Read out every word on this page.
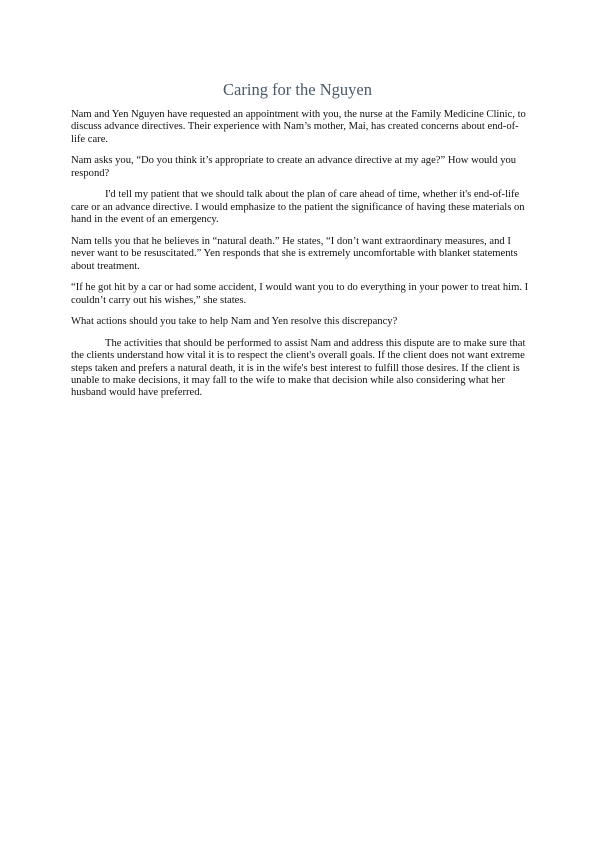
Caring for the Nguyen

Nam and Yen Nguyen have requested an appointment with you, the nurse at the Family Medicine Clinic, to discuss advance directives. Their experience with Nam’s mother, Mai, has created concerns about end-of-life care.

Nam asks you, “Do you think it’s appropriate to create an advance directive at my age?” How would you respond?

I'd tell my patient that we should talk about the plan of care ahead of time, whether it's end-of-life care or an advance directive. I would emphasize to the patient the significance of having these materials on hand in the event of an emergency.

Nam tells you that he believes in “natural death.” He states, “I don’t want extraordinary measures, and I never want to be resuscitated.” Yen responds that she is extremely uncomfortable with blanket statements about treatment.

“If he got hit by a car or had some accident, I would want you to do everything in your power to treat him. I couldn’t carry out his wishes,” she states.

What actions should you take to help Nam and Yen resolve this discrepancy?

The activities that should be performed to assist Nam and address this dispute are to make sure that the clients understand how vital it is to respect the client's overall goals. If the client does not want extreme steps taken and prefers a natural death, it is in the wife's best interest to fulfill those desires. If the client is unable to make decisions, it may fall to the wife to make that decision while also considering what her husband would have preferred.
